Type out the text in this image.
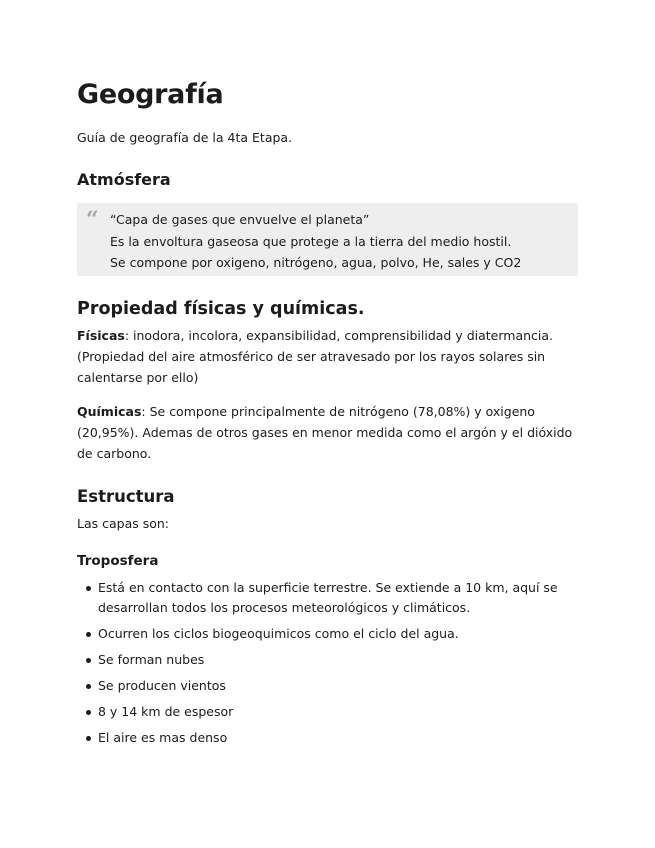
Geografía

Guía de geografía de la 4ta Etapa.

Atmósfera
“ “Capa de gases que envuelve el planeta”
Es la envoltura gaseosa que protege a la tierra del medio hostil.
Se compone por oxigeno, nitrógeno, agua, polvo, He, sales y CO2
Propiedad físicas y químicas.
Físicas: inodora, incolora, expansibilidad, comprensibilidad y diatermancia. (Propiedad del aire atmosférico de ser atravesado por los rayos solares sin calentarse por ello)
Químicas: Se compone principalmente de nitrógeno (78,08%) y oxigeno (20,95%). Ademas de otros gases en menor medida como el argón y el dióxido de carbono.
Estructura
Las capas son:
Troposfera
Está en contacto con la superficie terrestre. Se extiende a 10 km, aquí se desarrollan todos los procesos meteorológicos y climáticos.
Ocurren los ciclos biogeoquimicos como el ciclo del agua.
Se forman nubes
Se producen vientos
8 y 14 km de espesor
El aire es mas denso
